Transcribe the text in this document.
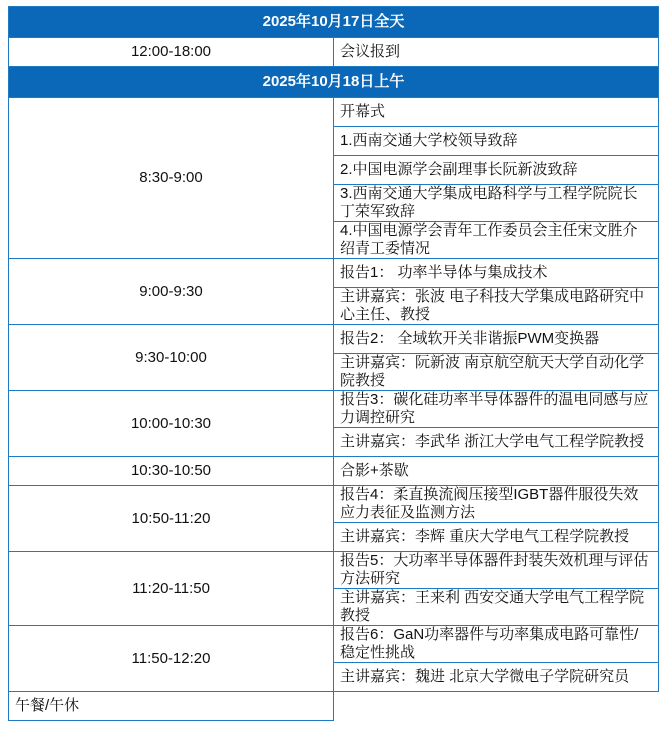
2025年10月17日全天	
12:00-18:00	会议报到
2025年10月18日上午	
8:30-9:00	开幕式
	1.西南交通大学校领导致辞
	2.中国电源学会副理事长阮新波致辞
	3.西南交通大学集成电路科学与工程学院院长丁荣军致辞
	4.中国电源学会青年工作委员会主任宋文胜介绍青工委情况
9:00-9:30	报告1： 功率半导体与集成技术
	主讲嘉宾：张波 电子科技大学集成电路研究中心主任、教授
9:30-10:00	报告2： 全域软开关非谐振PWM变换器
	主讲嘉宾：阮新波 南京航空航天大学自动化学院教授
10:00-10:30	报告3：碳化硅功率半导体器件的温电同感与应力调控研究
	主讲嘉宾：李武华 浙江大学电气工程学院教授
10:30-10:50	合影+茶歇
10:50-11:20	报告4：柔直换流阀压接型IGBT器件服役失效应力表征及监测方法
	主讲嘉宾：李辉 重庆大学电气工程学院教授
11:20-11:50	报告5：大功率半导体器件封装失效机理与评估方法研究
	主讲嘉宾：王来利 西安交通大学电气工程学院教授
11:50-12:20	报告6：GaN功率器件与功率集成电路可靠性/稳定性挑战
	主讲嘉宾：魏进 北京大学微电子学院研究员
午餐/午休	
